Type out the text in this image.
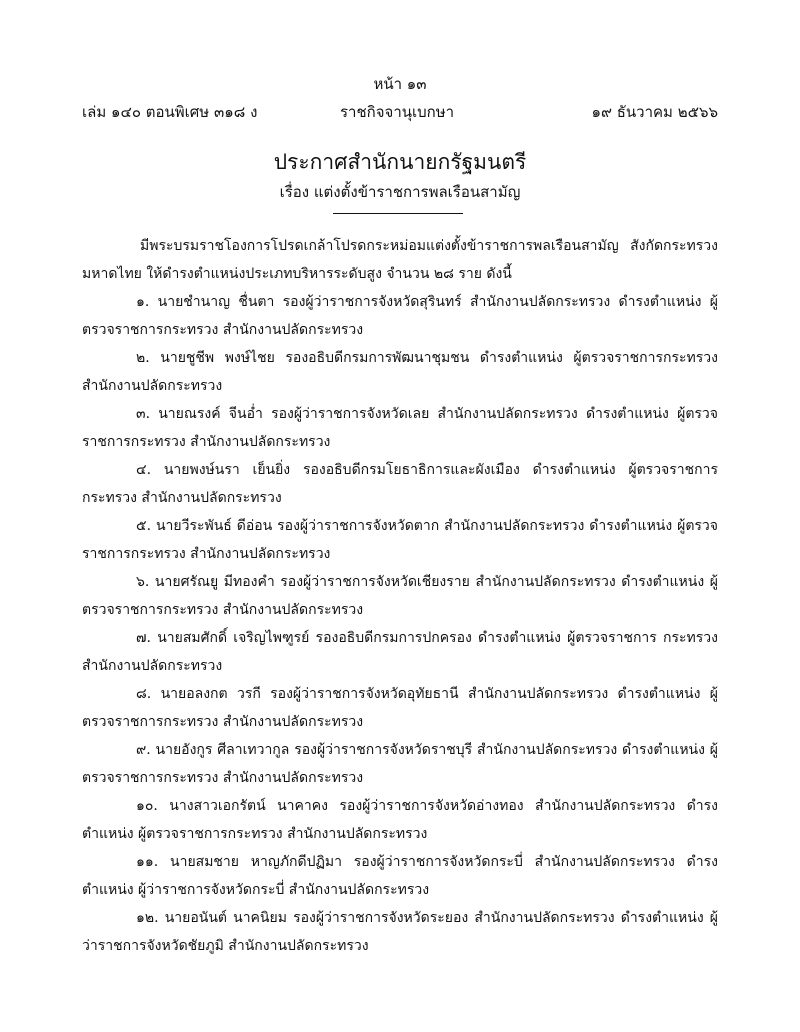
หน้า ๑๓
เล่ม ๑๔๐ ตอนพิเศษ ๓๑๘ ง	ราชกิจจานุเบกษา	๑๙ ธันวาคม ๒๕๖๖
ประกาศสำนักนายกรัฐมนตรี
เรื่อง แต่งตั้งข้าราชการพลเรือนสามัญ

มีพระบรมราชโองการโปรดเกล้าโปรดกระหม่อมแต่งตั้งข้าราชการพลเรือนสามัญ สังกัดกระทรวงมหาดไทย ให้ดำรงตำแหน่งประเภทบริหารระดับสูง จำนวน ๒๘ ราย ดังนี้

๑. นายชำนาญ ชื่นตา รองผู้ว่าราชการจังหวัดสุรินทร์ สำนักงานปลัดกระทรวง ดำรงตำแหน่ง ผู้ตรวจราชการกระทรวง สำนักงานปลัดกระทรวง

๒. นายชูชีพ พงษ์ไชย รองอธิบดีกรมการพัฒนาชุมชน ดำรงตำแหน่ง ผู้ตรวจราชการกระทรวง สำนักงานปลัดกระทรวง

๓. นายณรงค์ จีนอ่ำ รองผู้ว่าราชการจังหวัดเลย สำนักงานปลัดกระทรวง ดำรงตำแหน่ง ผู้ตรวจราชการกระทรวง สำนักงานปลัดกระทรวง

๔. นายพงษ์นรา เย็นยิ่ง รองอธิบดีกรมโยธาธิการและผังเมือง ดำรงตำแหน่ง ผู้ตรวจราชการ กระทรวง สำนักงานปลัดกระทรวง

๕. นายวีระพันธ์ ดีอ่อน รองผู้ว่าราชการจังหวัดตาก สำนักงานปลัดกระทรวง ดำรงตำแหน่ง ผู้ตรวจราชการกระทรวง สำนักงานปลัดกระทรวง

๖. นายศรัณยู มีทองคำ รองผู้ว่าราชการจังหวัดเชียงราย สำนักงานปลัดกระทรวง ดำรงตำแหน่ง ผู้ตรวจราชการกระทรวง สำนักงานปลัดกระทรวง

๗. นายสมศักดิ์ เจริญไพฑูรย์ รองอธิบดีกรมการปกครอง ดำรงตำแหน่ง ผู้ตรวจราชการ กระทรวง สำนักงานปลัดกระทรวง

๘. นายอลงกต วรกี รองผู้ว่าราชการจังหวัดอุทัยธานี สำนักงานปลัดกระทรวง ดำรงตำแหน่ง ผู้ตรวจราชการกระทรวง สำนักงานปลัดกระทรวง

๙. นายอังกูร ศีลาเทวากูล รองผู้ว่าราชการจังหวัดราชบุรี สำนักงานปลัดกระทรวง ดำรงตำแหน่ง ผู้ตรวจราชการกระทรวง สำนักงานปลัดกระทรวง

๑๐. นางสาวเอกรัตน์ นาคาคง รองผู้ว่าราชการจังหวัดอ่างทอง สำนักงานปลัดกระทรวง ดำรงตำแหน่ง ผู้ตรวจราชการกระทรวง สำนักงานปลัดกระทรวง

๑๑. นายสมชาย หาญภักดีปฏิมา รองผู้ว่าราชการจังหวัดกระบี่ สำนักงานปลัดกระทรวง ดำรงตำแหน่ง ผู้ว่าราชการจังหวัดกระบี่ สำนักงานปลัดกระทรวง

๑๒. นายอนันต์ นาคนิยม รองผู้ว่าราชการจังหวัดระยอง สำนักงานปลัดกระทรวง ดำรงตำแหน่ง ผู้ว่าราชการจังหวัดชัยภูมิ สำนักงานปลัดกระทรวง
